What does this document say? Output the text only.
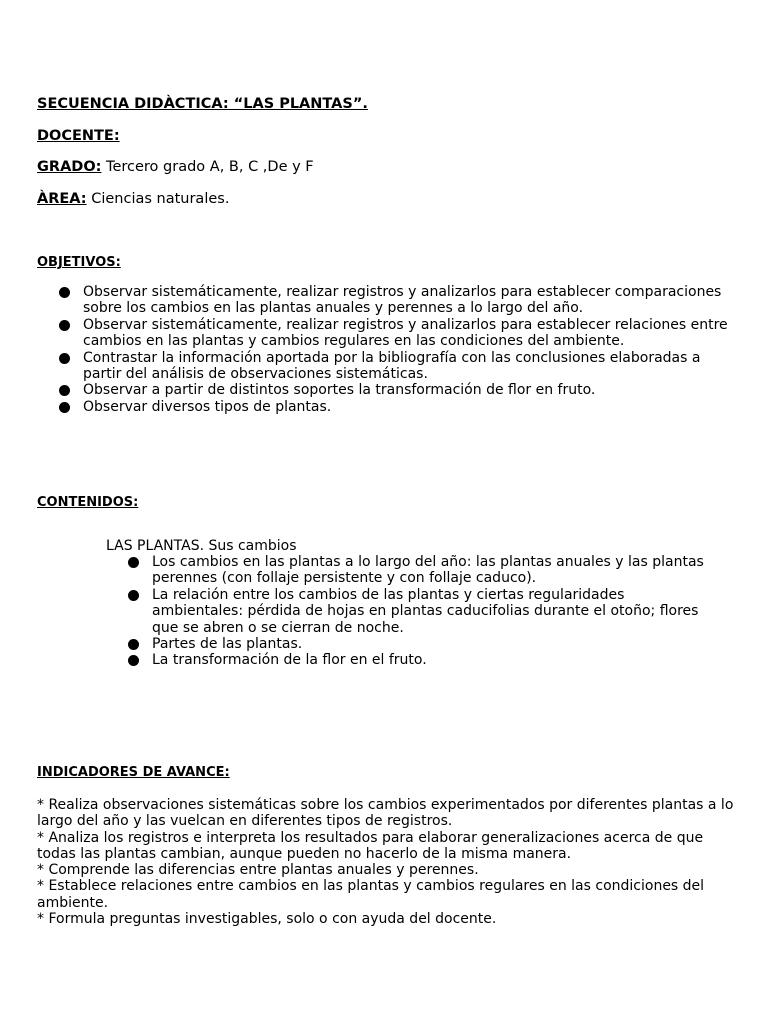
SECUENCIA DIDÀCTICA: “LAS PLANTAS”.
DOCENTE:
GRADO: Tercero grado A, B, C ,De y F
ÀREA: Ciencias naturales.
OBJETIVOS:
Observar sistemáticamente, realizar registros y analizarlos para establecer comparaciones sobre los cambios en las plantas anuales y perennes a lo largo del año.
Observar sistemáticamente, realizar registros y analizarlos para establecer relaciones entre cambios en las plantas y cambios regulares en las condiciones del ambiente.
Contrastar la información aportada por la bibliografía con las conclusiones elaboradas a partir del análisis de observaciones sistemáticas.
Observar a partir de distintos soportes la transformación de flor en fruto.
Observar diversos tipos de plantas.
CONTENIDOS:
LAS PLANTAS. Sus cambios
Los cambios en las plantas a lo largo del año: las plantas anuales y las plantas perennes (con follaje persistente y con follaje caduco).
La relación entre los cambios de las plantas y ciertas regularidades ambientales: pérdida de hojas en plantas caducifolias durante el otoño; flores que se abren o se cierran de noche.
Partes de las plantas.
La transformación de la flor en el fruto.
INDICADORES DE AVANCE:
* Realiza observaciones sistemáticas sobre los cambios experimentados por diferentes plantas a lo largo del año y las vuelcan en diferentes tipos de registros.
* Analiza los registros e interpreta los resultados para elaborar generalizaciones acerca de que todas las plantas cambian, aunque pueden no hacerlo de la misma manera.
* Comprende las diferencias entre plantas anuales y perennes.
* Establece relaciones entre cambios en las plantas y cambios regulares en las condiciones del ambiente.
* Formula preguntas investigables, solo o con ayuda del docente.
